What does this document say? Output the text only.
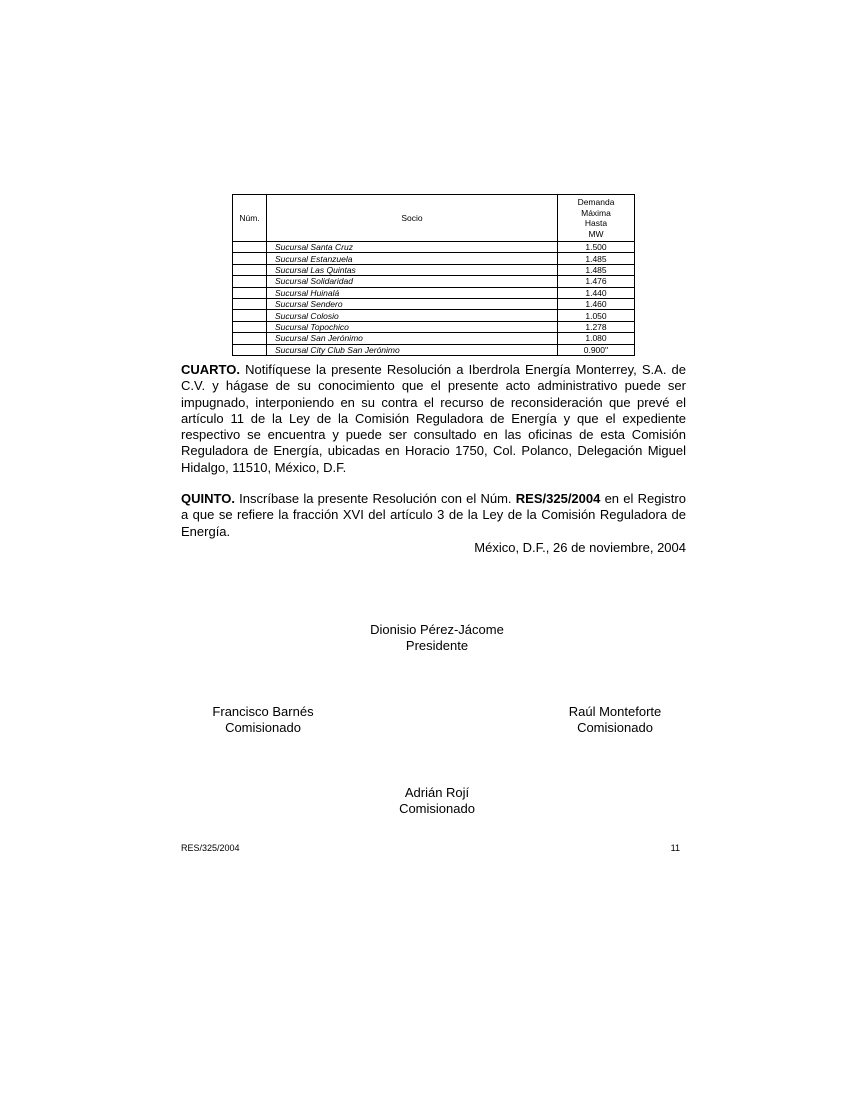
Núm.	Socio	Demanda
Máxima
Hasta
MW

	Sucursal Santa Cruz	1.500
	Sucursal Estanzuela	1.485
	Sucursal Las Quintas	1.485
	Sucursal Solidaridad	1.476
	Sucursal Huinalá	1.440
	Sucursal Sendero	1.460
	Sucursal Colosio	1.050
	Sucursal Topochico	1.278
	Sucursal San Jerónimo	1.080
	Sucursal City Club San Jerónimo	0.900''
CUARTO. Notifíquese la presente Resolución a Iberdrola Energía Monterrey, S.A. de C.V. y hágase de su conocimiento que el presente acto administrativo puede ser impugnado, interponiendo en su contra el recurso de reconsideración que prevé el artículo 11 de la Ley de la Comisión Reguladora de Energía y que el expediente respectivo se encuentra y puede ser consultado en las oficinas de esta Comisión Reguladora de Energía, ubicadas en Horacio 1750, Col. Polanco, Delegación Miguel Hidalgo, 11510, México, D.F.
QUINTO. Inscríbase la presente Resolución con el Núm. RES/325/2004 en el Registro a que se refiere la fracción XVI del artículo 3 de la Ley de la Comisión Reguladora de Energía.
México, D.F., 26 de noviembre, 2004
Dionisio Pérez-Jácome
Presidente
Francisco Barnés
Comisionado
Raúl Monteforte
Comisionado
Adrián Rojí
Comisionado
RES/325/2004	11
